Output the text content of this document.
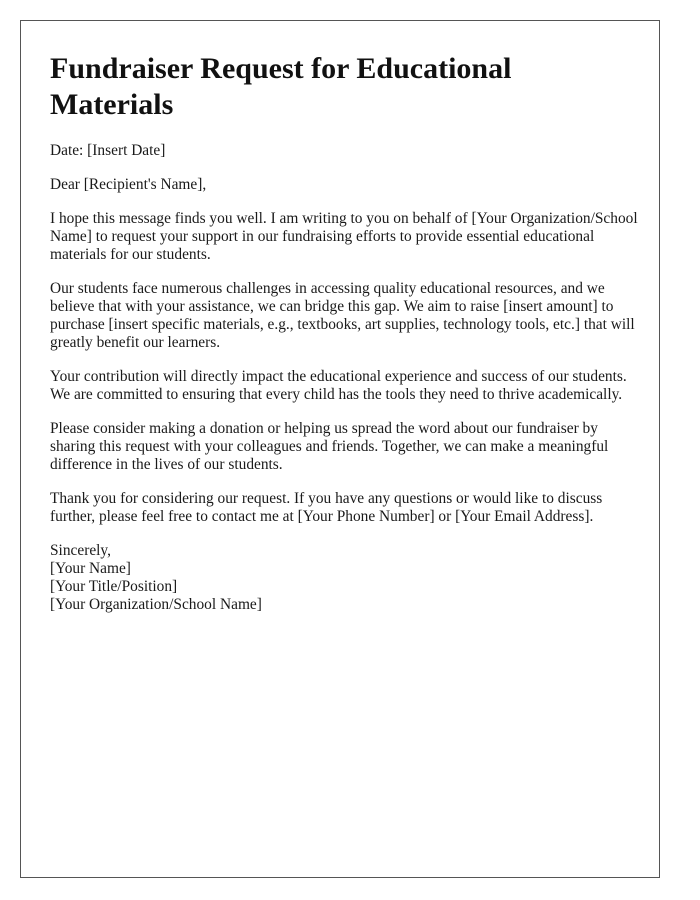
Fundraiser Request for Educational Materials

Date: [Insert Date]

Dear [Recipient's Name],

I hope this message finds you well. I am writing to you on behalf of [Your Organization/School Name] to request your support in our fundraising efforts to provide essential educational materials for our students.

Our students face numerous challenges in accessing quality educational resources, and we believe that with your assistance, we can bridge this gap. We aim to raise [insert amount] to purchase [insert specific materials, e.g., textbooks, art supplies, technology tools, etc.] that will greatly benefit our learners.

Your contribution will directly impact the educational experience and success of our students. We are committed to ensuring that every child has the tools they need to thrive academically.

Please consider making a donation or helping us spread the word about our fundraiser by sharing this request with your colleagues and friends. Together, we can make a meaningful difference in the lives of our students.

Thank you for considering our request. If you have any questions or would like to discuss further, please feel free to contact me at [Your Phone Number] or [Your Email Address].

Sincerely,
[Your Name]
[Your Title/Position]
[Your Organization/School Name]
